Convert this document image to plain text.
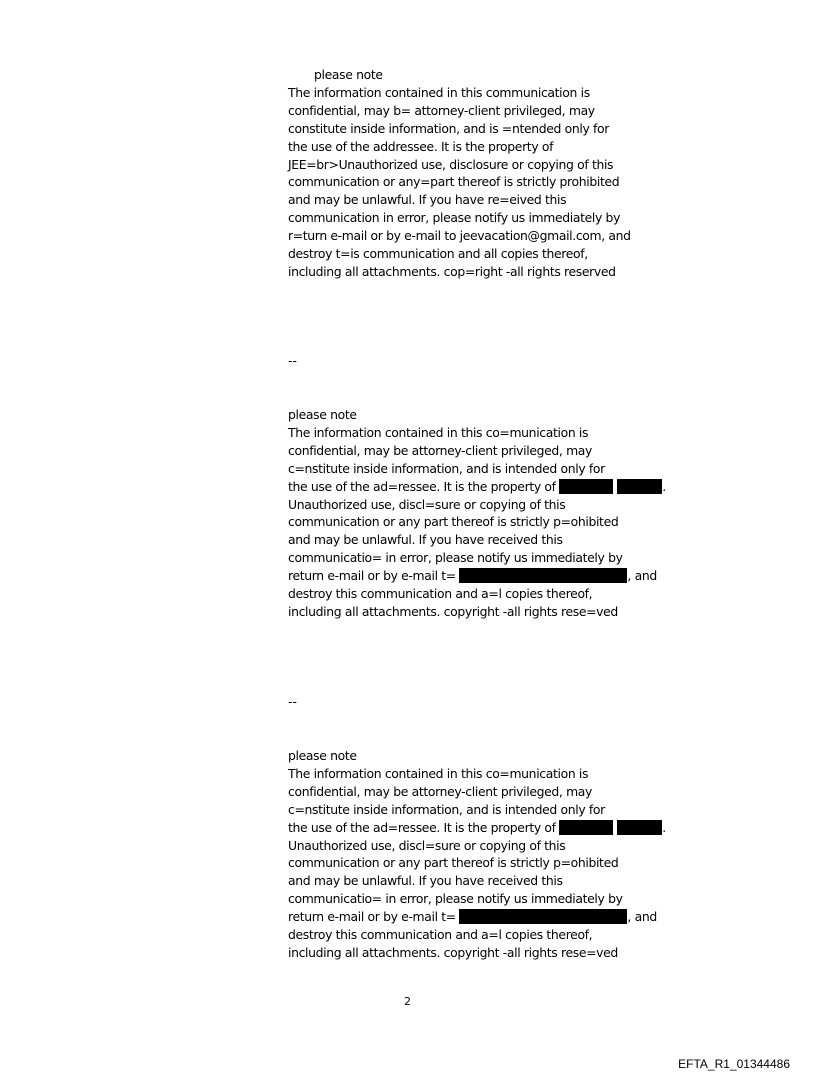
please note
The information contained in this communication is
confidential, may b= attorney-client privileged, may
constitute inside information, and is =ntended only for
the use of the addressee. It is the property of
JEE=br>Unauthorized use, disclosure or copying of this
communication or any=part thereof is strictly prohibited
and may be unlawful. If you have re=eived this
communication in error, please notify us immediately by
r=turn e-mail or by e-mail to jeevacation@gmail.com, and
destroy t=is communication and all copies thereof,
including all attachments. cop=right -all rights reserved
--
please note
The information contained in this co=munication is
confidential, may be attorney-client privileged, may
c=nstitute inside information, and is intended only for
the use of the ad=ressee. It is the property of	.
Unauthorized use, discl=sure or copying of this
communication or any part thereof is strictly p=ohibited
and may be unlawful. If you have received this
communicatio= in error, please notify us immediately by
return e-mail or by e-mail t=	, and
destroy this communication and a=l copies thereof,
including all attachments. copyright -all rights rese=ved
--
please note
The information contained in this co=munication is
confidential, may be attorney-client privileged, may
c=nstitute inside information, and is intended only for
the use of the ad=ressee. It is the property of	.
Unauthorized use, discl=sure or copying of this
communication or any part thereof is strictly p=ohibited
and may be unlawful. If you have received this
communicatio= in error, please notify us immediately by
return e-mail or by e-mail t=	, and
destroy this communication and a=l copies thereof,
including all attachments. copyright -all rights rese=ved
2
EFTA_R1_01344486
